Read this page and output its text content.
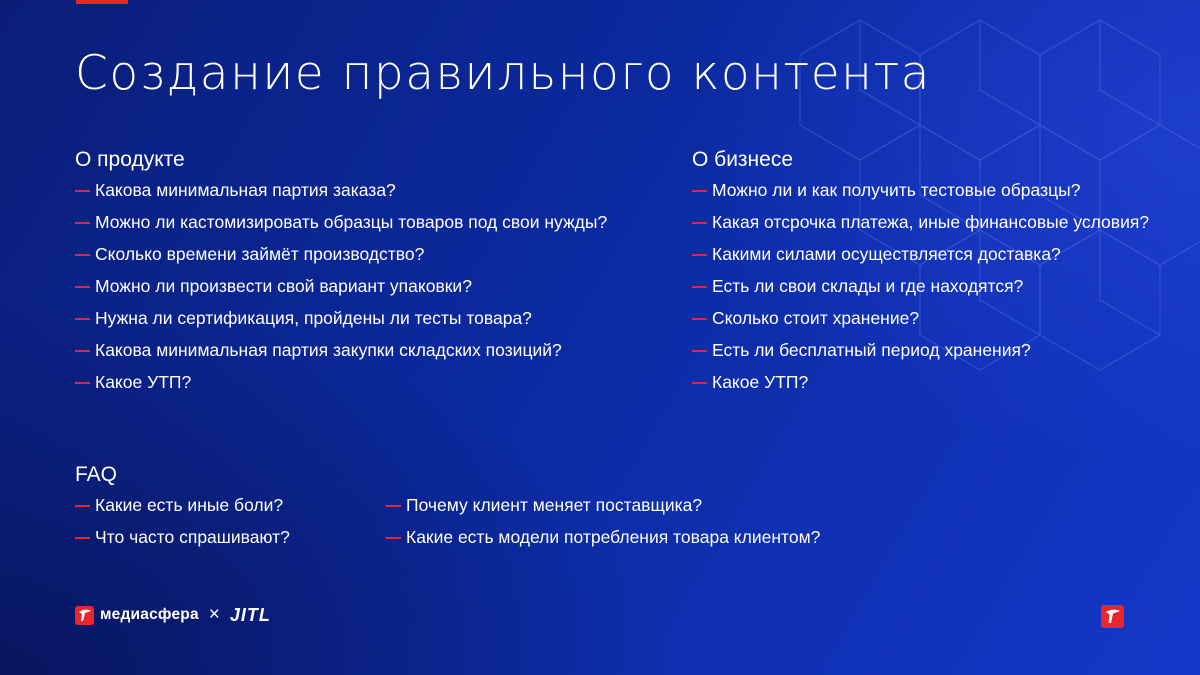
Создание правильного контента
О продукте
Какова минимальная партия заказа?
Можно ли кастомизировать образцы товаров под свои нужды?
Сколько времени займёт производство?
Можно ли произвести свой вариант упаковки?
Нужна ли сертификация, пройдены ли тесты товара?
Какова минимальная партия закупки складских позиций?
Какое УТП?
О бизнесе
Можно ли и как получить тестовые образцы?
Какая отсрочка платежа, иные финансовые условия?
Какими силами осуществляется доставка?
Есть ли свои склады и где находятся?
Сколько стоит хранение?
Есть ли бесплатный период хранения?
Какое УТП?
FAQ
Какие есть иные боли?
Что часто спрашивают?
Почему клиент меняет поставщика?
Какие есть модели потребления товара клиентом?
медиасфера × JITL
